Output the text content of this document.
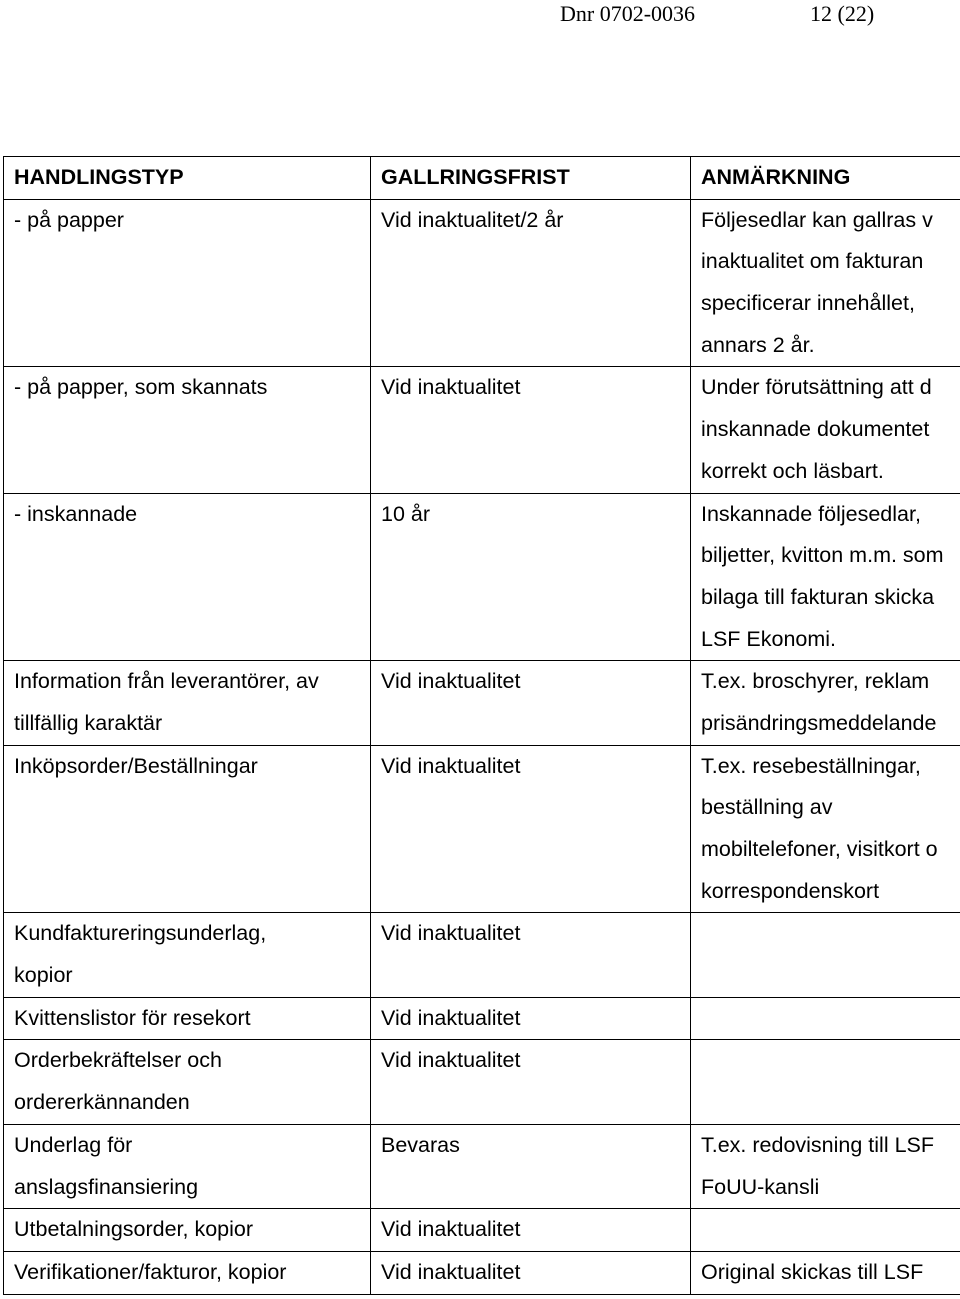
Dnr 0702-0036	12 (22)
HANDLINGSTYP	GALLRINGSFRIST	ANMÄRKNING

- på papper	Vid inaktualitet/2 år	Följesedlar kan gallras v
inaktualitet om fakturan
specificerar innehållet,
annars 2 år.

- på papper, som skannats	Vid inaktualitet	Under förutsättning att d
inskannade dokumentet
korrekt och läsbart.

- inskannade	10 år	Inskannade följesedlar,
biljetter, kvitton m.m. som
bilaga till fakturan skicka
LSF Ekonomi.

Information från leverantörer, av
tillfällig karaktär	Vid inaktualitet	T.ex. broschyrer, reklam
prisändringsmeddelande

Inköpsorder/Beställningar	Vid inaktualitet	T.ex. resebeställningar,
beställning av
mobiltelefoner, visitkort o
korrespondenskort

Kundfaktureringsunderlag,
kopior	Vid inaktualitet	

Kvittenslistor för resekort	Vid inaktualitet	

Orderbekräftelser och
ordererkännanden	Vid inaktualitet	

Underlag för
anslagsfinansiering	Bevaras	T.ex. redovisning till LSF
FoUU-kansli

Utbetalningsorder, kopior	Vid inaktualitet	

Verifikationer/fakturor, kopior	Vid inaktualitet	Original skickas till LSF
